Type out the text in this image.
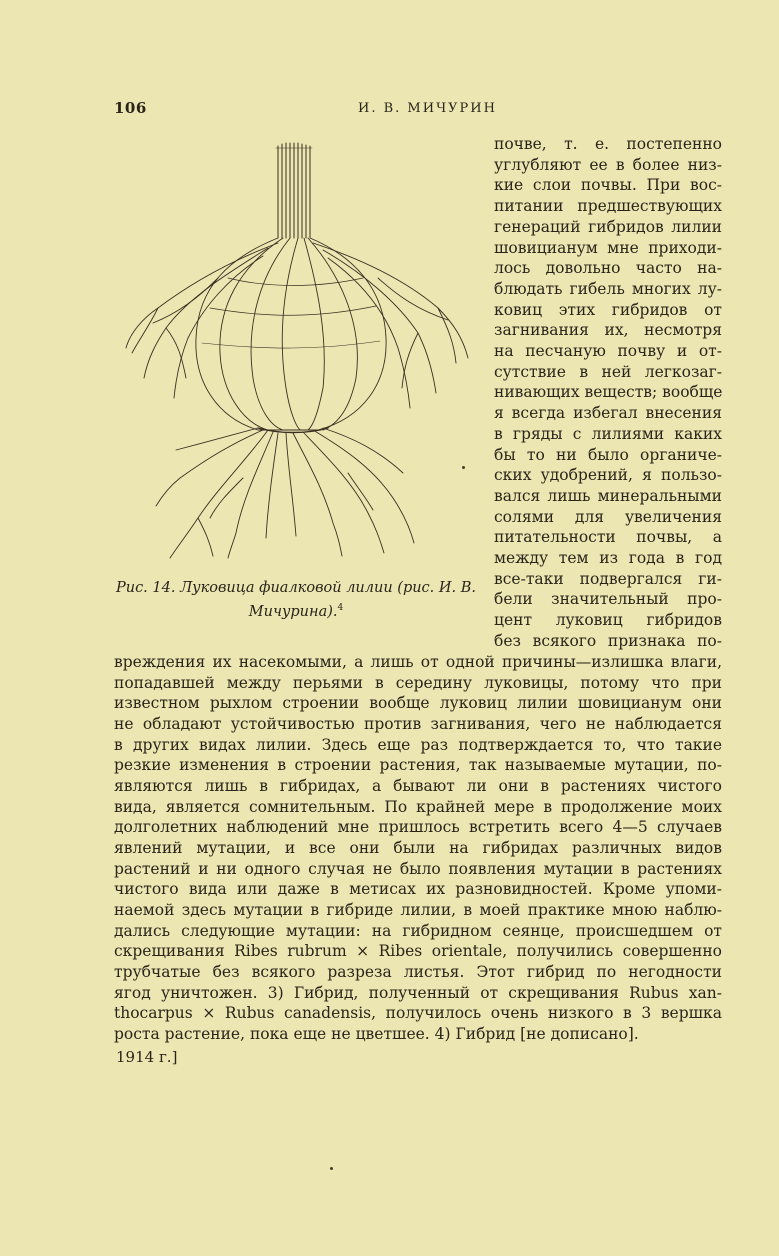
106	И. В. МИЧУРИН
Рис. 14. Луковица фиалковой лилии (рис. И. В. Мичурина).$^4$
почве, т. е. постепенно
углубляют ее в более низ-
кие слои почвы. При вос-
питании предшествующих
генераций гибридов лилии
шовицианум мне приходи-
лось довольно часто на-
блюдать гибель многих лу-
ковиц этих гибридов от
загнивания их, несмотря
на песчаную почву и от-
сутствие в ней легкозаг-
нивающих веществ; вообще
я всегда избегал внесения
в гряды с лилиями каких
бы то ни было органиче-
ских удобрений, я пользо-
вался лишь минеральными
солями для увеличения
питательности почвы, а
между тем из года в год
все-таки подвергался ги-
бели значительный про-
цент луковиц гибридов
без всякого признака по-
вреждения их насекомыми, а лишь от одной причины—излишка влаги,
попадавшей между перьями в середину луковицы, потому что при
известном рыхлом строении вообще луковиц лилии шовицианум они
не обладают устойчивостью против загнивания, чего не наблюдается
в других видах лилии. Здесь еще раз подтверждается то, что такие
резкие изменения в строении растения, так называемые мутации, по-
являются лишь в гибридах, а бывают ли они в растениях чистого
вида, является сомнительным. По крайней мере в продолжение моих
долголетних наблюдений мне пришлось встретить всего 4—5 случаев
явлений мутации, и все они были на гибридах различных видов
растений и ни одного случая не было появления мутации в растениях
чистого вида или даже в метисах их разновидностей. Кроме упоми-
наемой здесь мутации в гибриде лилии, в моей практике мною наблю-
дались следующие мутации: на гибридном сеянце, происшедшем от
скрещивания Ribes rubrum × Ribes orientale, получились совершенно
трубчатые без всякого разреза листья. Этот гибрид по негодности
ягод уничтожен. 3) Гибрид, полученный от скрещивания Rubus xan-
thocarpus × Rubus canadensis, получилось очень низкого в 3 вершка
роста растение, пока еще не цветшее. 4) Гибрид [не дописано].
1914 г.]
